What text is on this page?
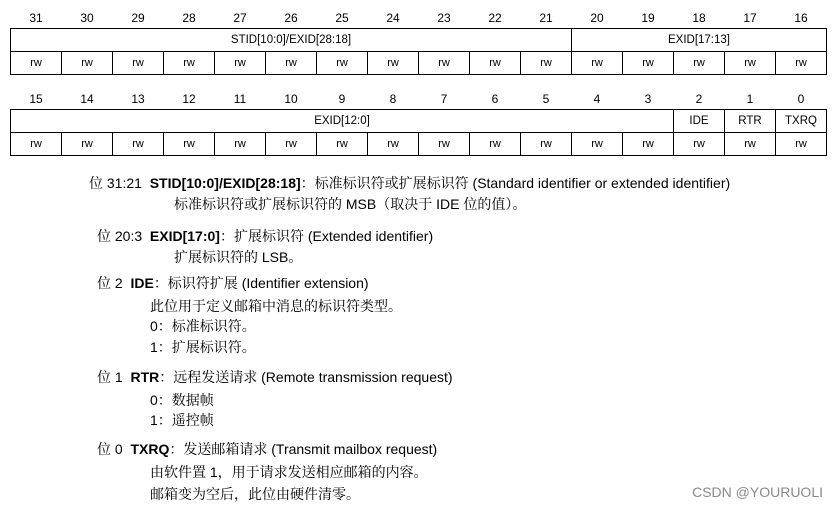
31	30	29	28	27	26	25	24	23	22	21	20	19	18	17	16
STID[10:0]/EXID[28:18]											EXID[17:13]				
rw	rw	rw	rw	rw	rw	rw	rw	rw	rw	rw	rw	rw	rw	rw	rw
15	14	13	12	11	10	9	8	7	6	5	4	3	2	1	0
EXID[12:0]													IDE	RTR	TXRQ
rw	rw	rw	rw	rw	rw	rw	rw	rw	rw	rw	rw	rw	rw	rw	rw
位 31:21 STID[10:0]/EXID[28:18]：标准标识符或扩展标识符 (Standard identifier or extended identifier)
标准标识符或扩展标识符的 MSB（取决于 IDE 位的值）。
位 20:3 EXID[17:0]：扩展标识符 (Extended identifier)
扩展标识符的 LSB。
位 2 IDE：标识符扩展 (Identifier extension)
此位用于定义邮箱中消息的标识符类型。
0：标准标识符。
1：扩展标识符。
位 1 RTR：远程发送请求 (Remote transmission request)
0：数据帧
1：遥控帧
位 0 TXRQ：发送邮箱请求 (Transmit mailbox request)
由软件置 1，用于请求发送相应邮箱的内容。
邮箱变为空后，此位由硬件清零。	CSDN @YOURUOLI
